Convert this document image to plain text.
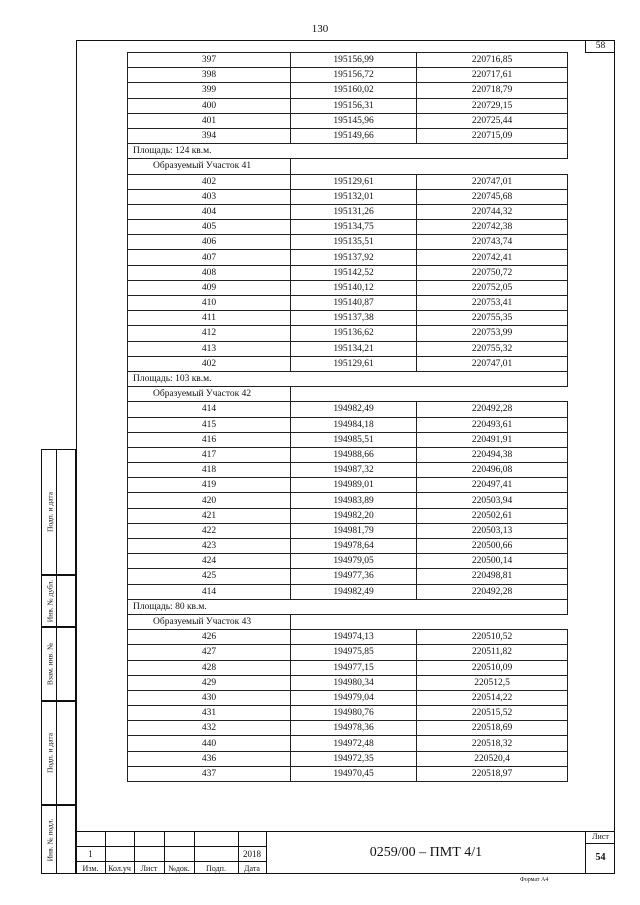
130
58
397	195156,99	220716,85
398	195156,72	220717,61
399	195160,02	220718,79
400	195156,31	220729,15
401	195145,96	220725,44
394	195149,66	220715,09
Площадь: 124 кв.м.		
Образуемый Участок 41		
402	195129,61	220747,01
403	195132,01	220745,68
404	195131,26	220744,32
405	195134,75	220742,38
406	195135,51	220743,74
407	195137,92	220742,41
408	195142,52	220750,72
409	195140,12	220752,05
410	195140,87	220753,41
411	195137,38	220755,35
412	195136,62	220753,99
413	195134,21	220755,32
402	195129,61	220747,01
Площадь: 103 кв.м.		
Образуемый Участок 42		
414	194982,49	220492,28
415	194984,18	220493,61
416	194985,51	220491,91
417	194988,66	220494,38
418	194987,32	220496,08
419	194989,01	220497,41
420	194983,89	220503,94
421	194982,20	220502,61
422	194981,79	220503,13
423	194978,64	220500,66
424	194979,05	220500,14
425	194977,36	220498,81
414	194982,49	220492,28
Площадь: 80 кв.м.		
Образуемый Участок 43		
426	194974,13	220510,52
427	194975,85	220511,82
428	194977,15	220510,09
429	194980,34	220512,5
430	194979,04	220514,22
431	194980,76	220515,52
432	194978,36	220518,69
440	194972,48	220518,32
436	194972,35	220520,4
437	194970,45	220518,97
Подп. и дата
Инв. № дубл.
Взам. инв. №
Подп. и дата
Инв. № подл.	1	2018
Изм.	Кол.уч	Лист	№док.	Подп.	Дата
0259/00 – ПМТ 4/1
Лист
54
Формат А4
